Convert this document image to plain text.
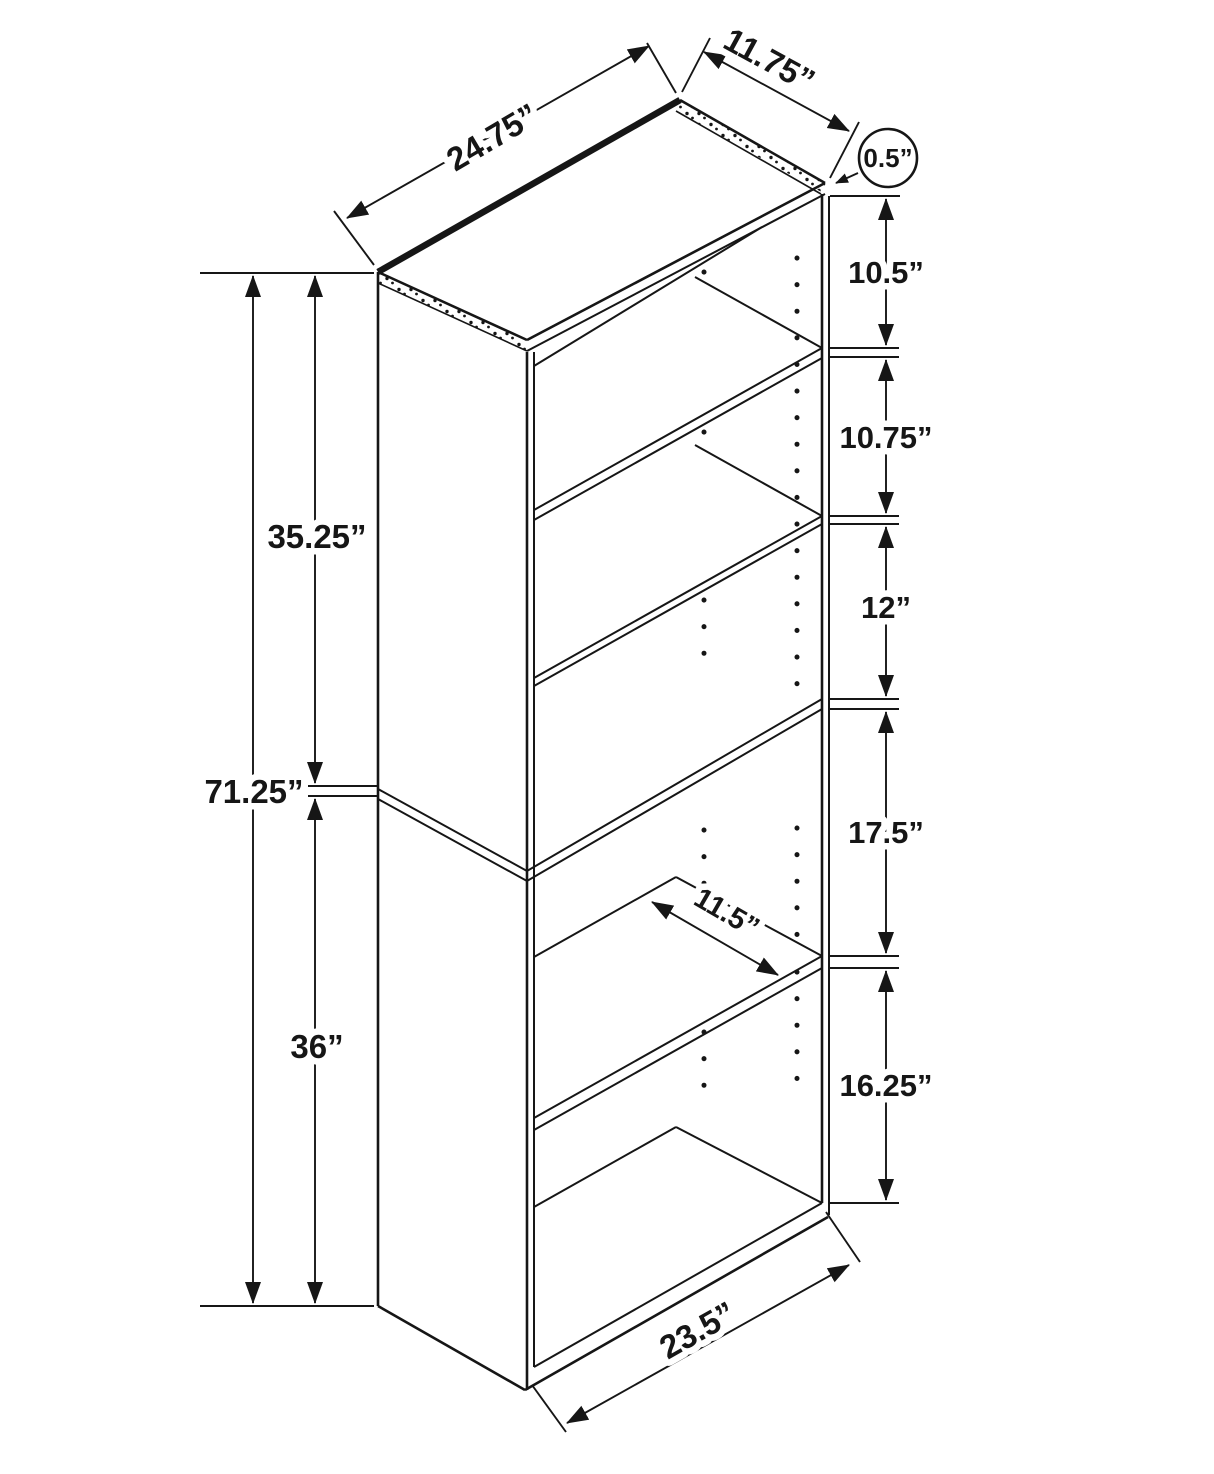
10.5”
10.75”
12”
17.5”
16.25”
35.25”
71.25”
36”
24.75”
11.75”
0.5”
11.5”
23.5”
